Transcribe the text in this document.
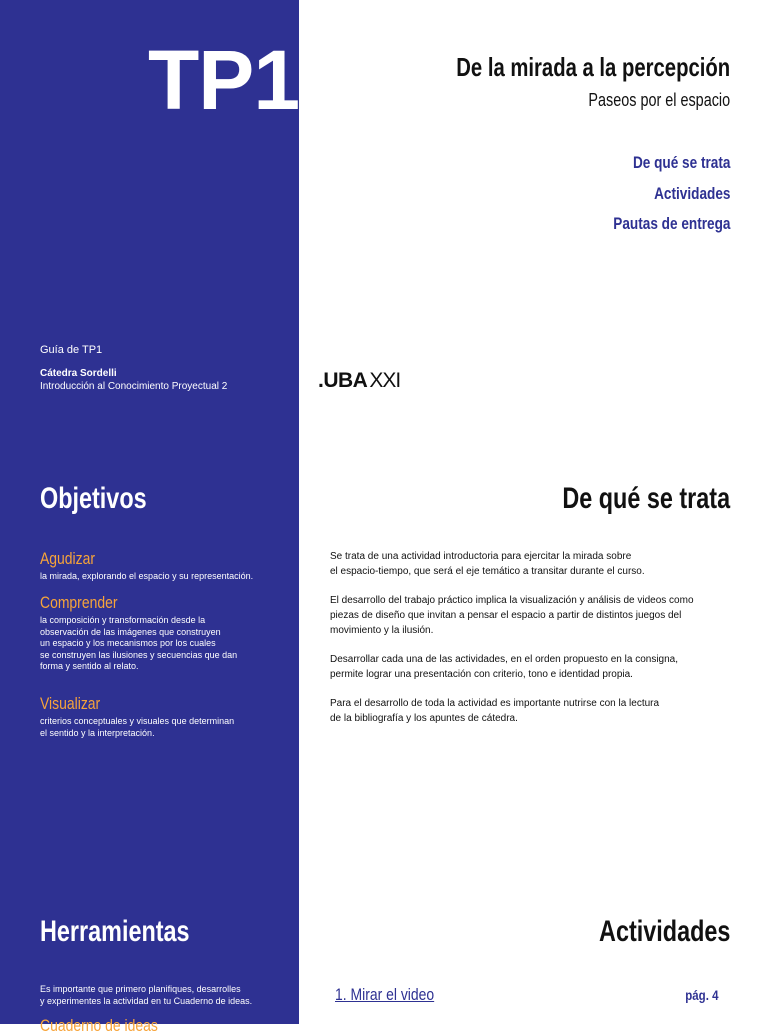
TP1	De la mirada a la percepción
Paseos por el espacio
De qué se trata
Actividades
Pautas de entrega
Guía de TP1
Cátedra Sordelli
Introducción al Conocimiento Proyectual 2	.UBAXXI
Objetivos
Agudizar
la mirada, explorando el espacio y su representación.
Comprender
la composición y transformación desde la
observación de las imágenes que construyen
un espacio y los mecanismos por los cuales
se construyen las ilusiones y secuencias que dan
forma y sentido al relato.
Visualizar
criterios conceptuales y visuales que determinan
el sentido y la interpretación.
De qué se trata

Se trata de una actividad introductoria para ejercitar la mirada sobre
el espacio-tiempo, que será el eje temático a transitar durante el curso.

El desarrollo del trabajo práctico implica la visualización y análisis de videos como
piezas de diseño que invitan a pensar el espacio a partir de distintos juegos del
movimiento y la ilusión.

Desarrollar cada una de las actividades, en el orden propuesto en la consigna,
permite lograr una presentación con criterio, tono e identidad propia.

Para el desarrollo de toda la actividad es importante nutrirse con la lectura
de la bibliografía y los apuntes de cátedra.

Herramientas
Es importante que primero planifiques, desarrolles
y experimentes la actividad en tu Cuaderno de ideas.
Cuaderno de ideas
Actividades
1. Mirar el video	pág. 4
